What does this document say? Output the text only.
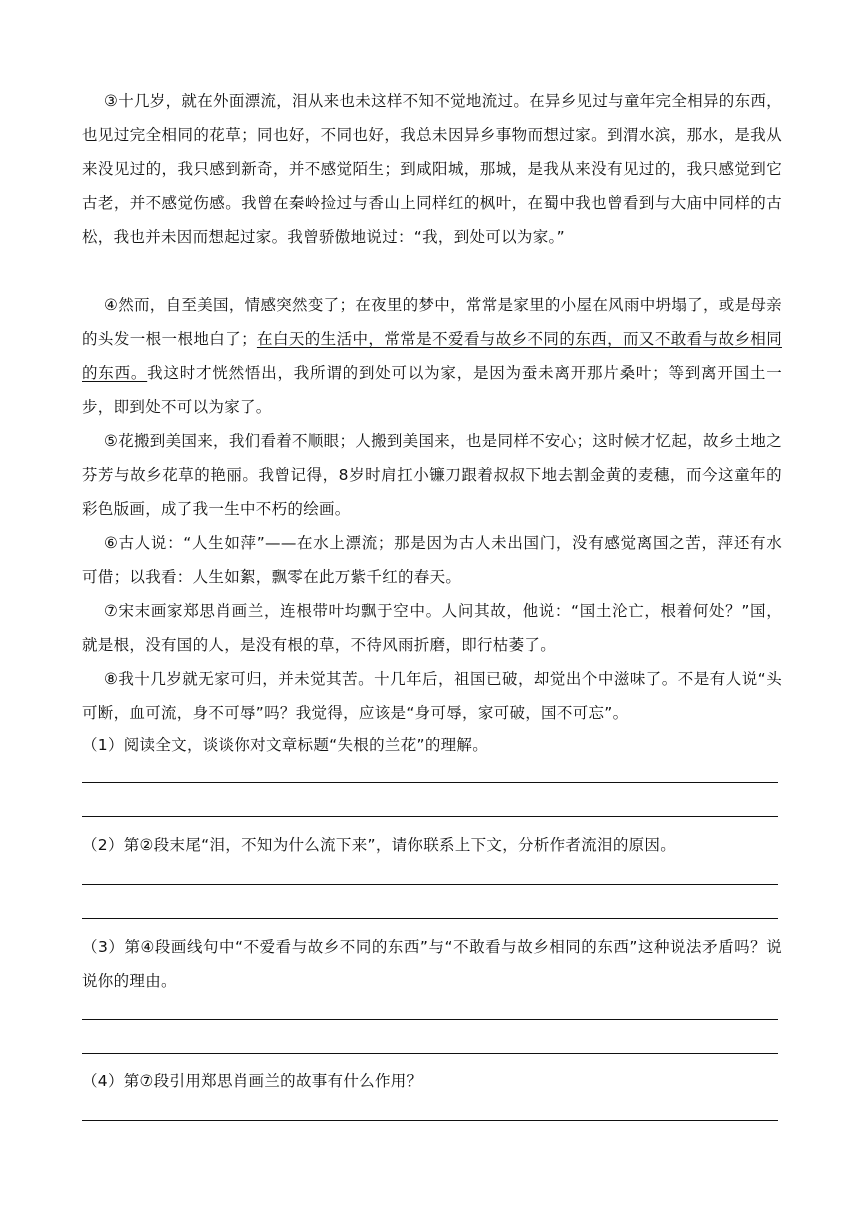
③十几岁，就在外面漂流，泪从来也未这样不知不觉地流过。在异乡见过与童年完全相异的东西，也见过完全相同的花草；同也好，不同也好，我总未因异乡事物而想过家。到渭水滨，那水，是我从来没见过的，我只感到新奇，并不感觉陌生；到咸阳城，那城，是我从来没有见过的，我只感觉到它古老，并不感觉伤感。我曾在秦岭捡过与香山上同样红的枫叶，在蜀中我也曾看到与大庙中同样的古松，我也并未因而想起过家。我曾骄傲地说过：“我，到处可以为家。”
④然而，自至美国，情感突然变了；在夜里的梦中，常常是家里的小屋在风雨中坍塌了，或是母亲的头发一根一根地白了；在白天的生活中，常常是不爱看与故乡不同的东西，而又不敢看与故乡相同的东西。我这时才恍然悟出，我所谓的到处可以为家，是因为蚕未离开那片桑叶；等到离开国土一步，即到处不可以为家了。
⑤花搬到美国来，我们看着不顺眼；人搬到美国来，也是同样不安心；这时候才忆起，故乡土地之芬芳与故乡花草的艳丽。我曾记得，8岁时肩扛小镰刀跟着叔叔下地去割金黄的麦穗，而今这童年的彩色版画，成了我一生中不朽的绘画。
⑥古人说：“人生如萍”——在水上漂流；那是因为古人未出国门，没有感觉离国之苦，萍还有水可借；以我看：人生如絮，飘零在此万紫千红的春天。
⑦宋末画家郑思肖画兰，连根带叶均飘于空中。人问其故，他说：“国土沦亡，根着何处？”国，就是根，没有国的人，是没有根的草，不待风雨折磨，即行枯萎了。
⑧我十几岁就无家可归，并未觉其苦。十几年后，祖国已破，却觉出个中滋味了。不是有人说“头可断，血可流，身不可辱”吗？我觉得，应该是“身可辱，家可破，国不可忘”。
（1）阅读全文，谈谈你对文章标题“失根的兰花”的理解。
（2）第②段末尾“泪，不知为什么流下来”，请你联系上下文，分析作者流泪的原因。
（3）第④段画线句中“不爱看与故乡不同的东西”与“不敢看与故乡相同的东西”这种说法矛盾吗？说说你的理由。
（4）第⑦段引用郑思肖画兰的故事有什么作用？
